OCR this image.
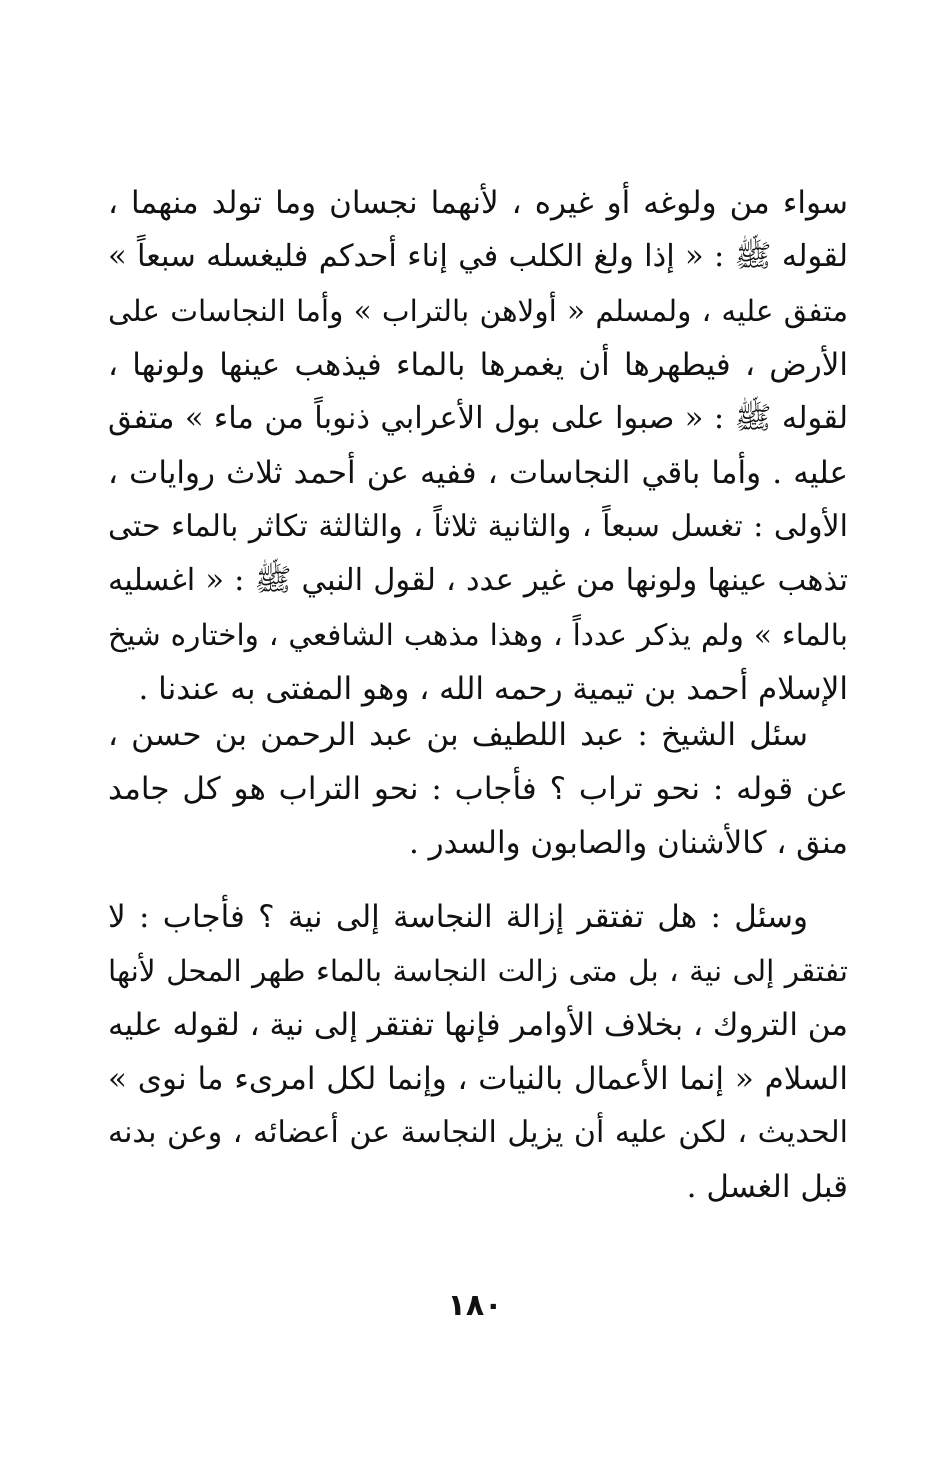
سواء من ولوغه أو غيره ، لأنهما نجسان وما تولد منهما ،
لقوله ﷺ : « إذا ولغ الكلب في إناء أحدكم فليغسله سبعاً »
متفق عليه ، ولمسلم « أولاهن بالتراب » وأما النجاسات على
الأرض ، فيطهرها أن يغمرها بالماء فيذهب عينها ولونها ،
لقوله ﷺ : « صبوا على بول الأعرابي ذنوباً من ماء » متفق
عليه . وأما باقي النجاسات ، ففيه عن أحمد ثلاث روايات ،
الأولى : تغسل سبعاً ، والثانية ثلاثاً ، والثالثة تكاثر بالماء حتى
تذهب عينها ولونها من غير عدد ، لقول النبي ﷺ : « اغسليه
بالماء » ولم يذكر عدداً ، وهذا مذهب الشافعي ، واختاره شيخ
الإسلام أحمد بن تيمية رحمه الله ، وهو المفتى به عندنا .
سئل الشيخ : عبد اللطيف بن عبد الرحمن بن حسن ،
عن قوله : نحو تراب ؟ فأجاب : نحو التراب هو كل جامد
منق ، كالأشنان والصابون والسدر .
وسئل : هل تفتقر إزالة النجاسة إلى نية ؟ فأجاب : لا
تفتقر إلى نية ، بل متى زالت النجاسة بالماء طهر المحل لأنها
من التروك ، بخلاف الأوامر فإنها تفتقر إلى نية ، لقوله عليه
السلام « إنما الأعمال بالنيات ، وإنما لكل امرىء ما نوى »
الحديث ، لكن عليه أن يزيل النجاسة عن أعضائه ، وعن بدنه
قبل الغسل .
١٨٠
